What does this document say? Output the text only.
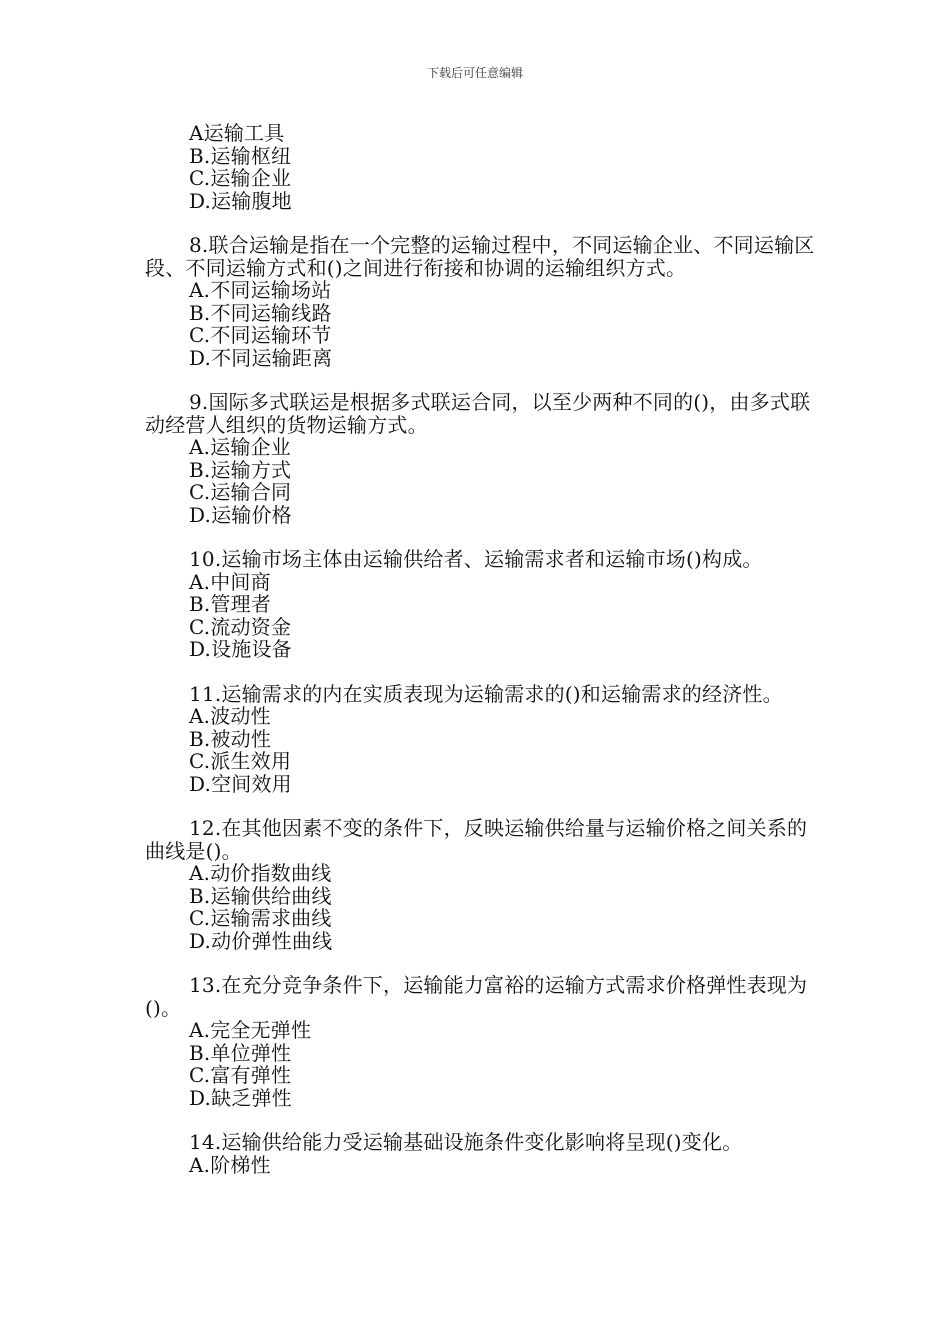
下载后可任意编辑

A运输工具

B.运输枢纽

C.运输企业

D.运输腹地

8.联合运输是指在一个完整的运输过程中，不同运输企业、不同运输区段、不同运输方式和()之间进行衔接和协调的运输组织方式。

A.不同运输场站

B.不同运输线路

C.不同运输环节

D.不同运输距离

9.国际多式联运是根据多式联运合同，以至少两种不同的()，由多式联动经营人组织的货物运输方式。

A.运输企业

B.运输方式

C.运输合同

D.运输价格

10.运输市场主体由运输供给者、运输需求者和运输市场()构成。

A.中间商

B.管理者

C.流动资金

D.设施设备

11.运输需求的内在实质表现为运输需求的()和运输需求的经济性。

A.波动性

B.被动性

C.派生效用

D.空间效用

12.在其他因素不变的条件下，反映运输供给量与运输价格之间关系的曲线是()。

A.动价指数曲线

B.运输供给曲线

C.运输需求曲线

D.动价弹性曲线

13.在充分竞争条件下，运输能力富裕的运输方式需求价格弹性表现为()。

A.完全无弹性

B.单位弹性

C.富有弹性

D.缺乏弹性

14.运输供给能力受运输基础设施条件变化影响将呈现()变化。

A.阶梯性
